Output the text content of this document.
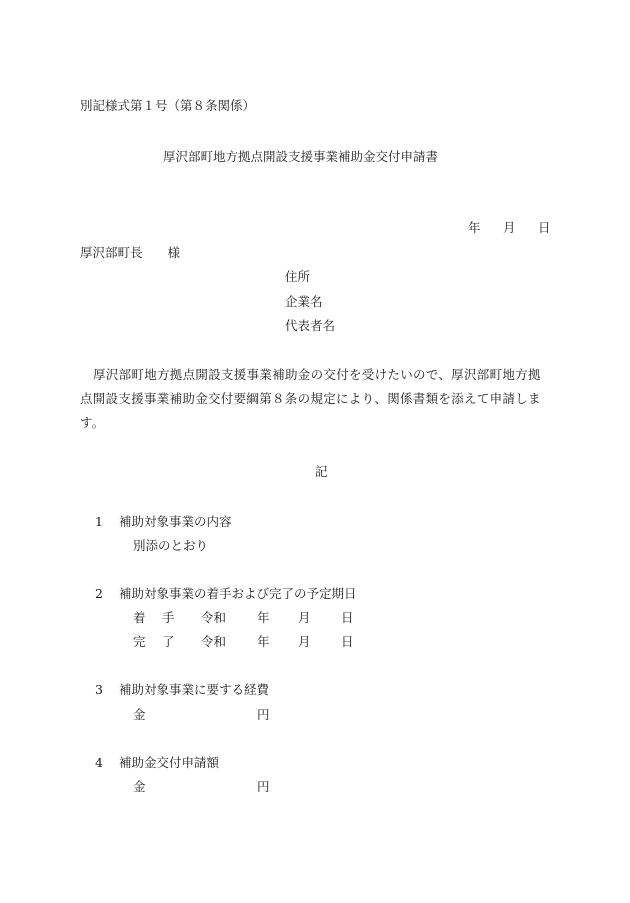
別記様式第１号（第８条関係）
厚沢部町地方拠点開設支援事業補助金交付申請書
年 月 日
厚沢部町長　　様
住所
企業名
代表者名
厚沢部町地方拠点開設支援事業補助金の交付を受けたいので、厚沢部町地方拠点開設支援事業補助金交付要綱第８条の規定により、関係書類を添えて申請します。
記
1 補助対象事業の内容
別添のとおり
2 補助対象事業の着手および完了の予定期日
着　手 令和 年 月 日
完　了 令和 年 月 日
3 補助対象事業に要する経費
金	円
4 補助金交付申請額
金	円
